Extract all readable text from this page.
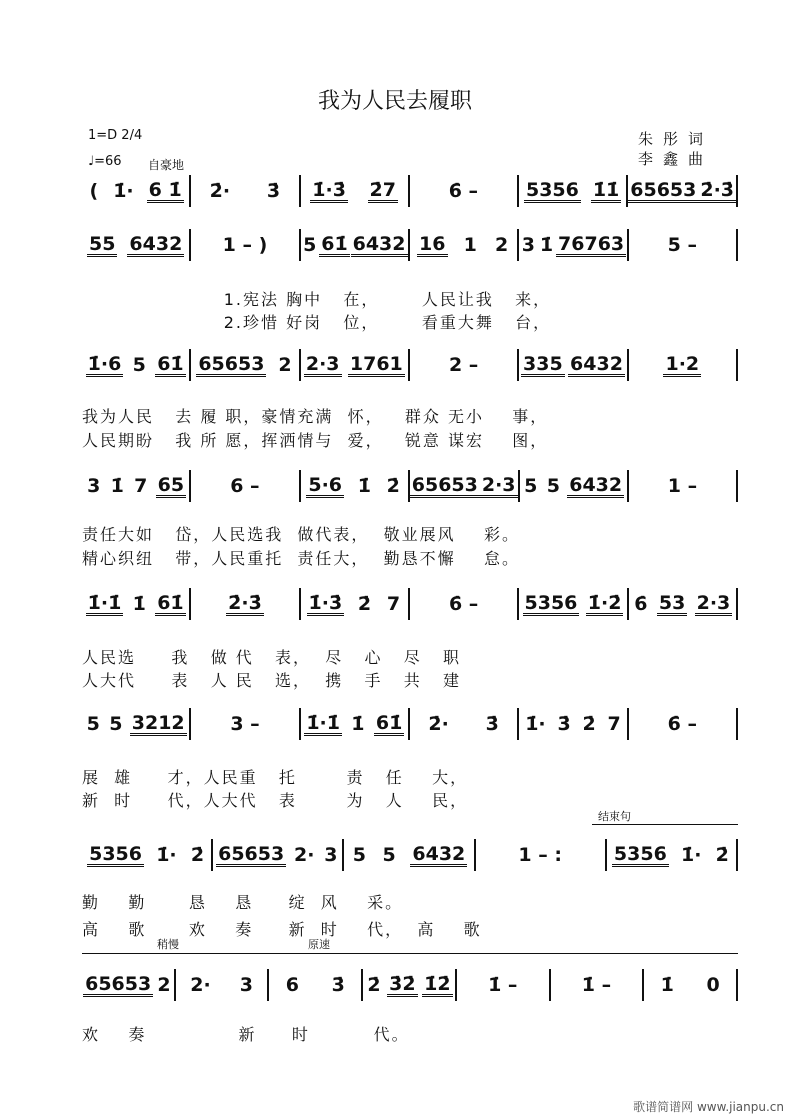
我为人民去履职
1=D 2/4
♩=66 自豪地
朱彤词
李鑫曲
( 1̇· 6 1̇ 2̇· 3̇ 1̇·3̇ 2̇7	6̇ –	5356 1̇1̇ 65653 2̇·3̇
55 6432 1 – ) 5 61̇ 6432 16 1 2 3 1̇ 76763 5 –
1̇·6 5 61̇ 65653 2 2·3 1761 2 – 335 6432 1·2
3 1̇ 7 65 6 –	5·6 1̇ 2̇ 65653 2·3 5 5 6432 1 –
1̇·1̇ 1̇ 61̇ 2̇·3̇ 1̇·3̇ 2̇ 7	6̇ – 5356 1̇·2̇ 6̇ 53 2·3
5 5 3212 3 – 1̇·1̇ 1̇ 61̇ 2̇· 3̇ 1̇· 3̇ 2̇ 7 6̇ –
5356 1̇· 2̇ 65653 2· 3 5 5 6432	1 – :	5356 1̇· 2̇
65653 2 2· 3 6 3̇ 2̇ 3̇2̇ 1̇2̇ 1̇ –	1̇ –	1̇ 0
1.宪法 胸中   在，      人民让我   来，
2.珍惜 好岗   位，      看重大舞   台，
我为人民   去 履 职，豪情充满  怀，   群众 无小    事，
人民期盼   我 所 愿，挥洒情与  爱，   锐意 谋宏    图，
责任大如   岱，人民选我  做代表，  敬业展风    彩。
精心织纽   带，人民重托  责任大，  勤恳不懈    怠。
人民选     我   做 代   表，  尽   心   尽   职
人大代     表   人 民   选，  携   手   共   建
展  雄     才，人民重   托       责   任    大，
新  时     代，人大代   表       为   人    民，
勤    勤      恳    恳     绽  风    采。
高    歌      欢    奏     新  时    代，  高    歌
欢    奏             新     时         代。
结束句
稍慢	原速
歌谱简谱网 www.jianpu.cn
